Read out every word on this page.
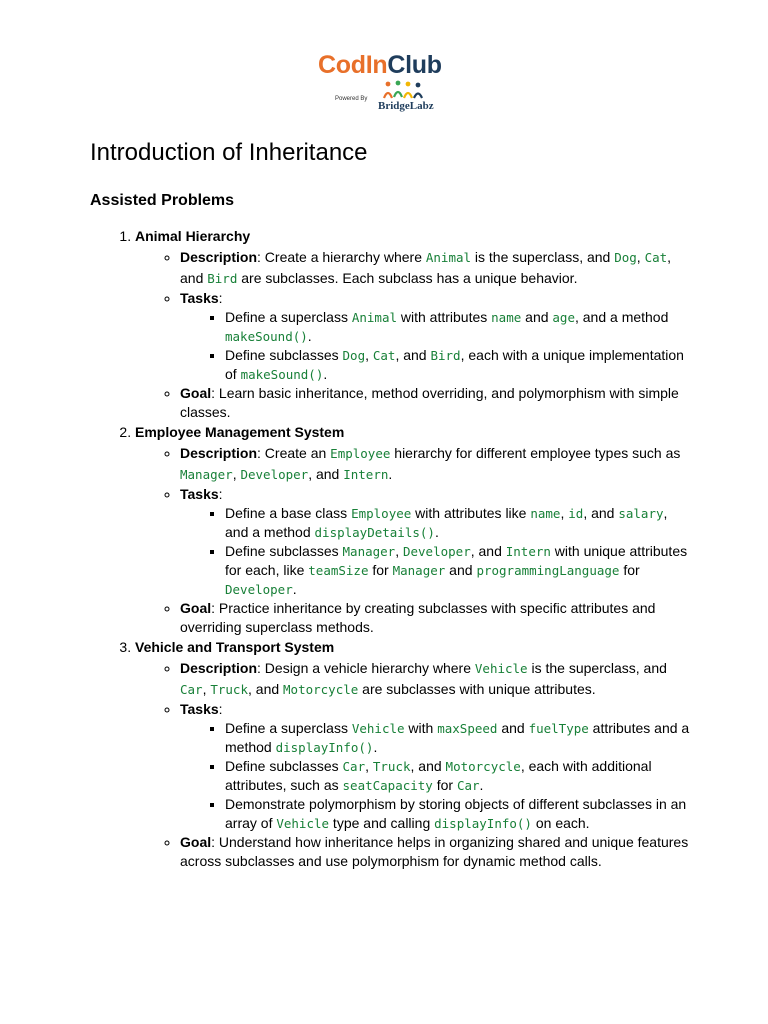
CodInClub
Powered By
BridgeLabz
Introduction of Inheritance
Assisted Problems
1. Animal Hierarchy
◦ Description: Create a hierarchy where Animal is the superclass, and Dog, Cat, and Bird are subclasses. Each subclass has a unique behavior.
◦ Tasks:
▪ Define a superclass Animal with attributes name and age, and a method makeSound().
▪ Define subclasses Dog, Cat, and Bird, each with a unique implementation of makeSound().
◦ Goal: Learn basic inheritance, method overriding, and polymorphism with simple classes.
2. Employee Management System
◦ Description: Create an Employee hierarchy for different employee types such as Manager, Developer, and Intern.
◦ Tasks:
▪ Define a base class Employee with attributes like name, id, and salary, and a method displayDetails().
▪ Define subclasses Manager, Developer, and Intern with unique attributes for each, like teamSize for Manager and programmingLanguage for Developer.
◦ Goal: Practice inheritance by creating subclasses with specific attributes and overriding superclass methods.
3. Vehicle and Transport System
◦ Description: Design a vehicle hierarchy where Vehicle is the superclass, and Car, Truck, and Motorcycle are subclasses with unique attributes.
◦ Tasks:
▪ Define a superclass Vehicle with maxSpeed and fuelType attributes and a method displayInfo().
▪ Define subclasses Car, Truck, and Motorcycle, each with additional attributes, such as seatCapacity for Car.
▪ Demonstrate polymorphism by storing objects of different subclasses in an array of Vehicle type and calling displayInfo() on each.
◦ Goal: Understand how inheritance helps in organizing shared and unique features across subclasses and use polymorphism for dynamic method calls.
